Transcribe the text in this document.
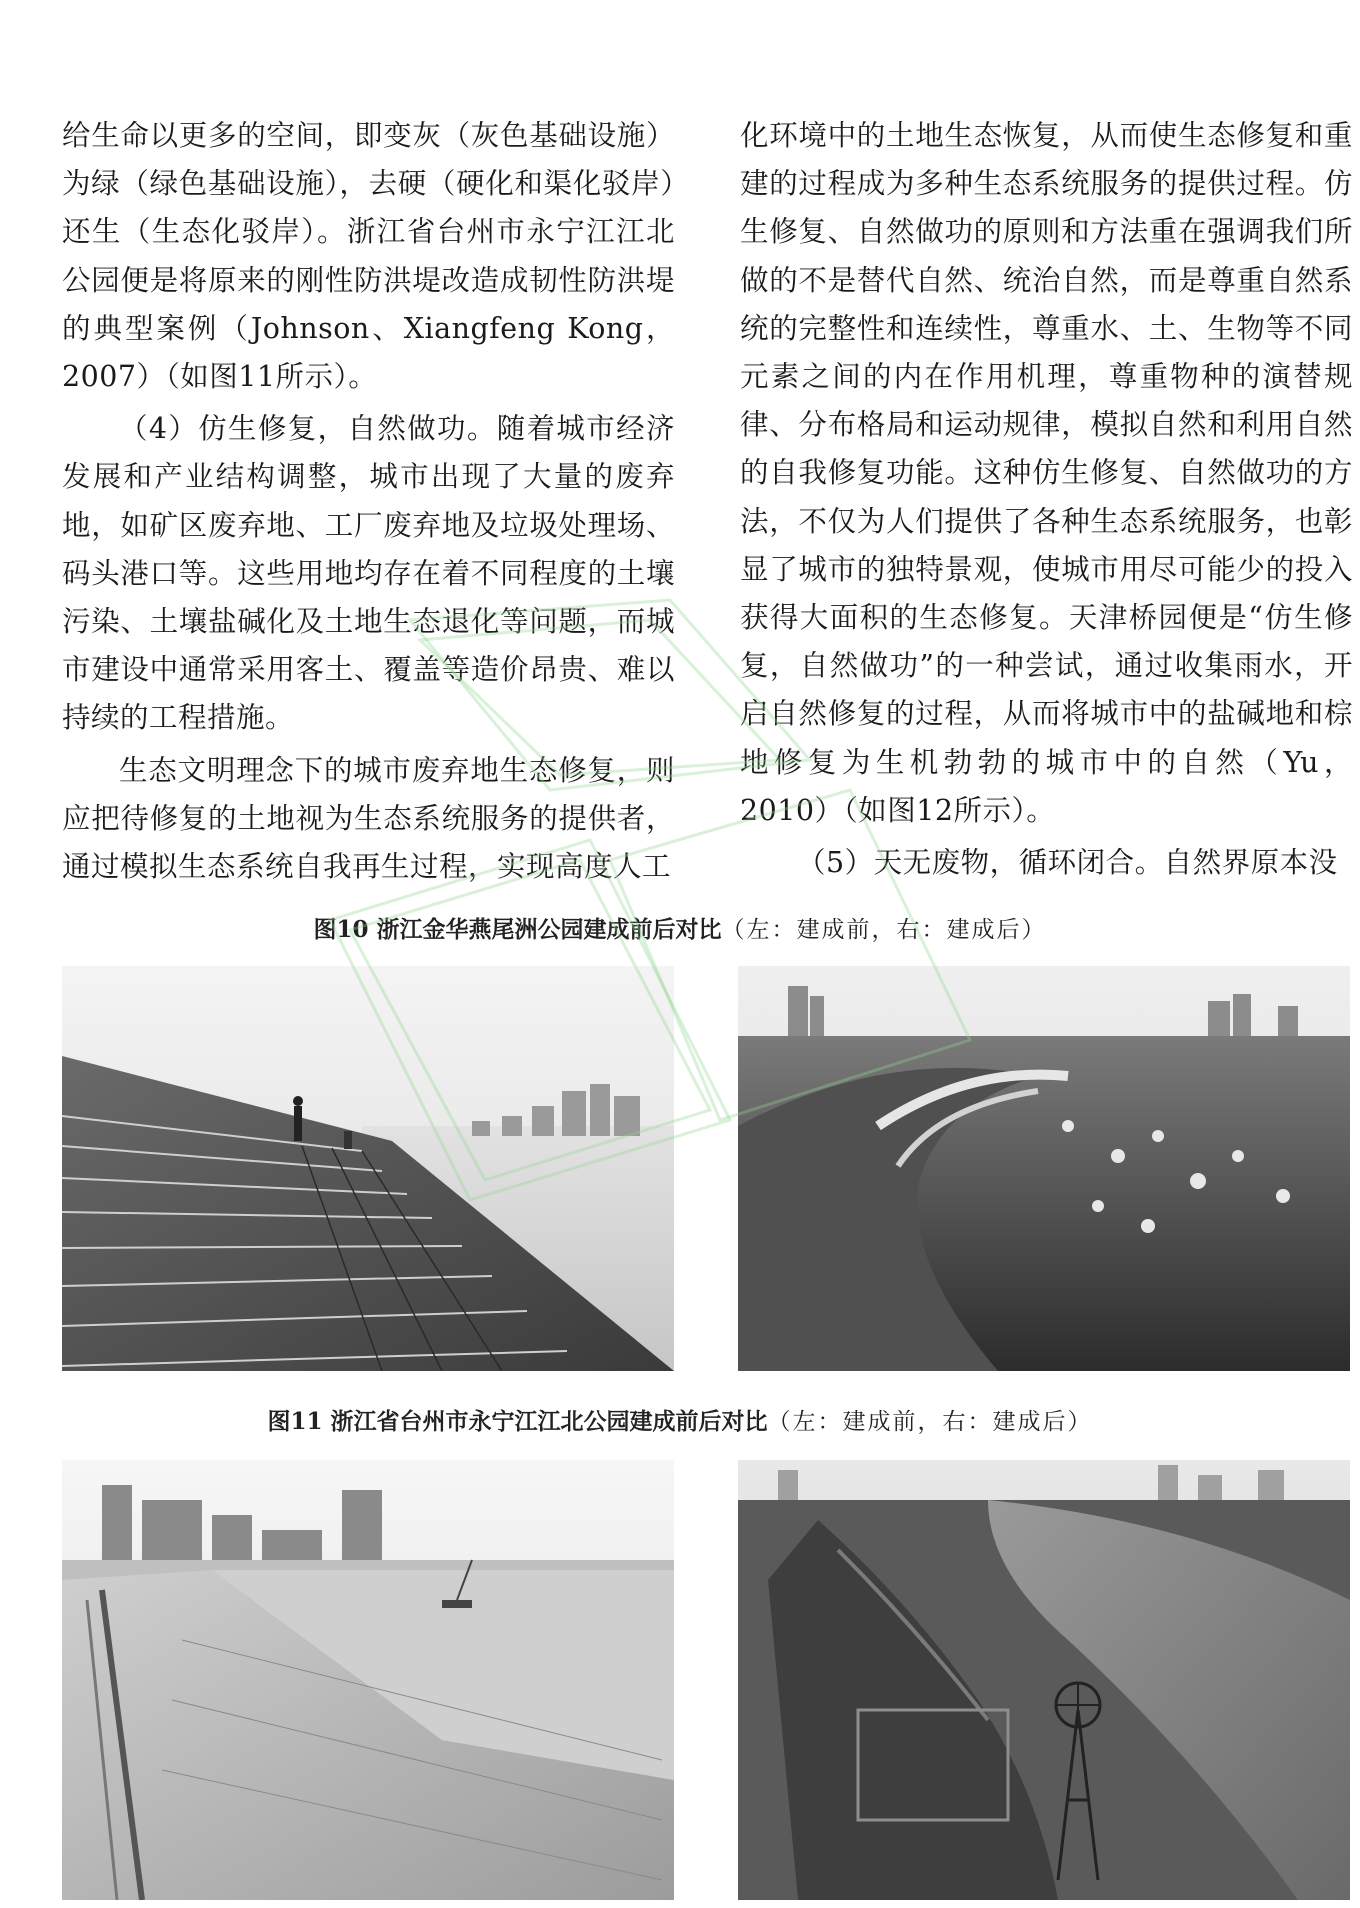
给生命以更多的空间，即变灰（灰色基础设施）为绿（绿色基础设施），去硬（硬化和渠化驳岸）还生（生态化驳岸）。浙江省台州市永宁江江北公园便是将原来的刚性防洪堤改造成韧性防洪堤的典型案例（Johnson、Xiangfeng Kong，2007）（如图11所示）。

（4）仿生修复，自然做功。随着城市经济发展和产业结构调整，城市出现了大量的废弃地，如矿区废弃地、工厂废弃地及垃圾处理场、码头港口等。这些用地均存在着不同程度的土壤污染、土壤盐碱化及土地生态退化等问题，而城市建设中通常采用客土、覆盖等造价昂贵、难以持续的工程措施。

生态文明理念下的城市废弃地生态修复，则应把待修复的土地视为生态系统服务的提供者，通过模拟生态系统自我再生过程，实现高度人工

化环境中的土地生态恢复，从而使生态修复和重建的过程成为多种生态系统服务的提供过程。仿生修复、自然做功的原则和方法重在强调我们所做的不是替代自然、统治自然，而是尊重自然系统的完整性和连续性，尊重水、土、生物等不同元素之间的内在作用机理，尊重物种的演替规律、分布格局和运动规律，模拟自然和利用自然的自我修复功能。这种仿生修复、自然做功的方法，不仅为人们提供了各种生态系统服务，也彰显了城市的独特景观，使城市用尽可能少的投入获得大面积的生态修复。天津桥园便是“仿生修复，自然做功”的一种尝试，通过收集雨水，开启自然修复的过程，从而将城市中的盐碱地和棕地修复为生机勃勃的城市中的自然（Yu，2010）（如图12所示）。

（5）天无废物，循环闭合。自然界原本没

图10 浙江金华燕尾洲公园建成前后对比（左：建成前，右：建成后）
图11 浙江省台州市永宁江江北公园建成前后对比（左：建成前，右：建成后）
